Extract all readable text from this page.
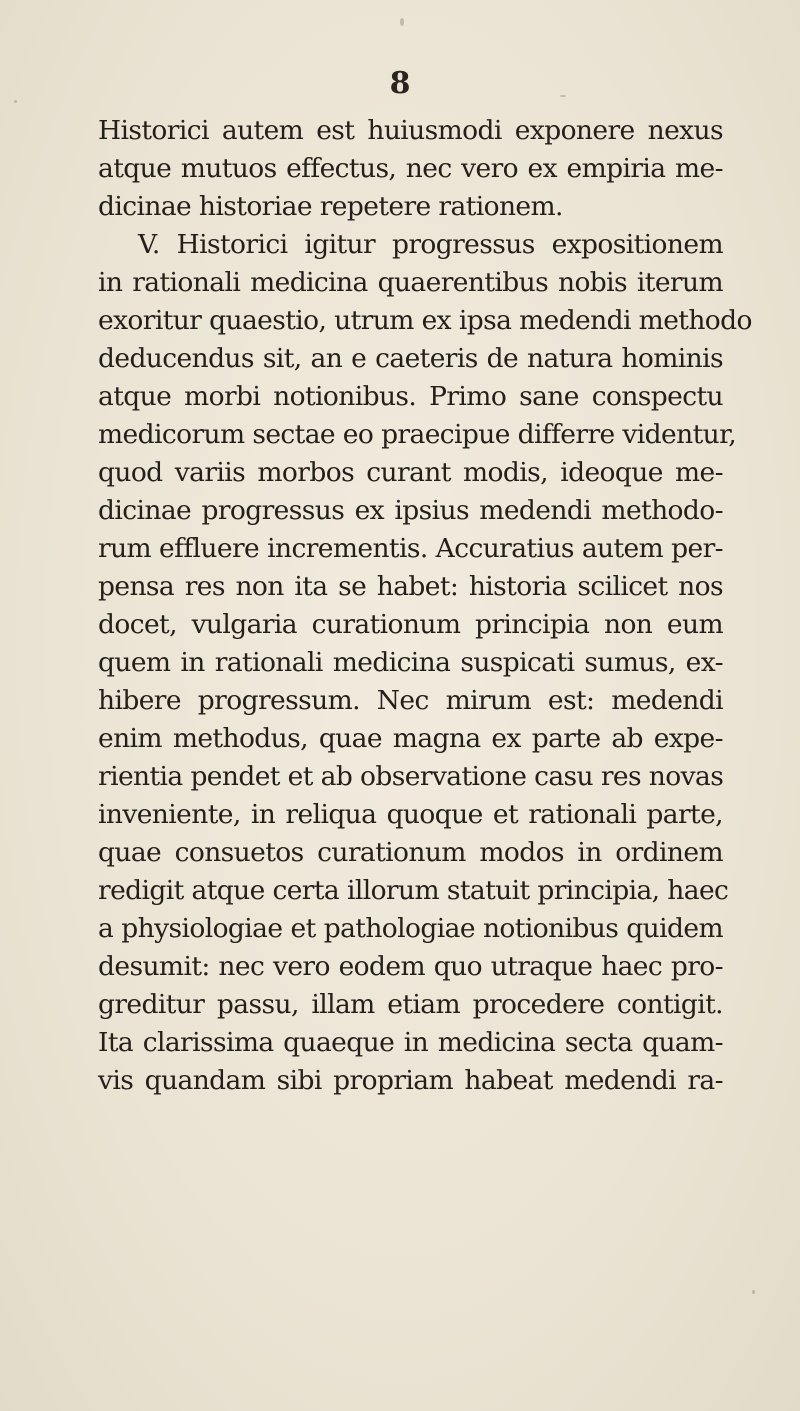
8
Historici autem est huiusmodi exponere nexus
atque mutuos effectus, nec vero ex empiria me-
dicinae historiae repetere rationem.
V. Historici igitur progressus expositionem
in rationali medicina quaerentibus nobis iterum
exoritur quaestio, utrum ex ipsa medendi methodo
deducendus sit, an e caeteris de natura hominis
atque morbi notionibus. Primo sane conspectu
medicorum sectae eo praecipue differre videntur,
quod variis morbos curant modis, ideoque me-
dicinae progressus ex ipsius medendi methodo-
rum effluere incrementis. Accuratius autem per-
pensa res non ita se habet: historia scilicet nos
docet, vulgaria curationum principia non eum
quem in rationali medicina suspicati sumus, ex-
hibere progressum. Nec mirum est: medendi
enim methodus, quae magna ex parte ab expe-
rientia pendet et ab observatione casu res novas
inveniente, in reliqua quoque et rationali parte,
quae consuetos curationum modos in ordinem
redigit atque certa illorum statuit principia, haec
a physiologiae et pathologiae notionibus quidem
desumit: nec vero eodem quo utraque haec pro-
greditur passu, illam etiam procedere contigit.
Ita clarissima quaeque in medicina secta quam-
vis quandam sibi propriam habeat medendi ra-
